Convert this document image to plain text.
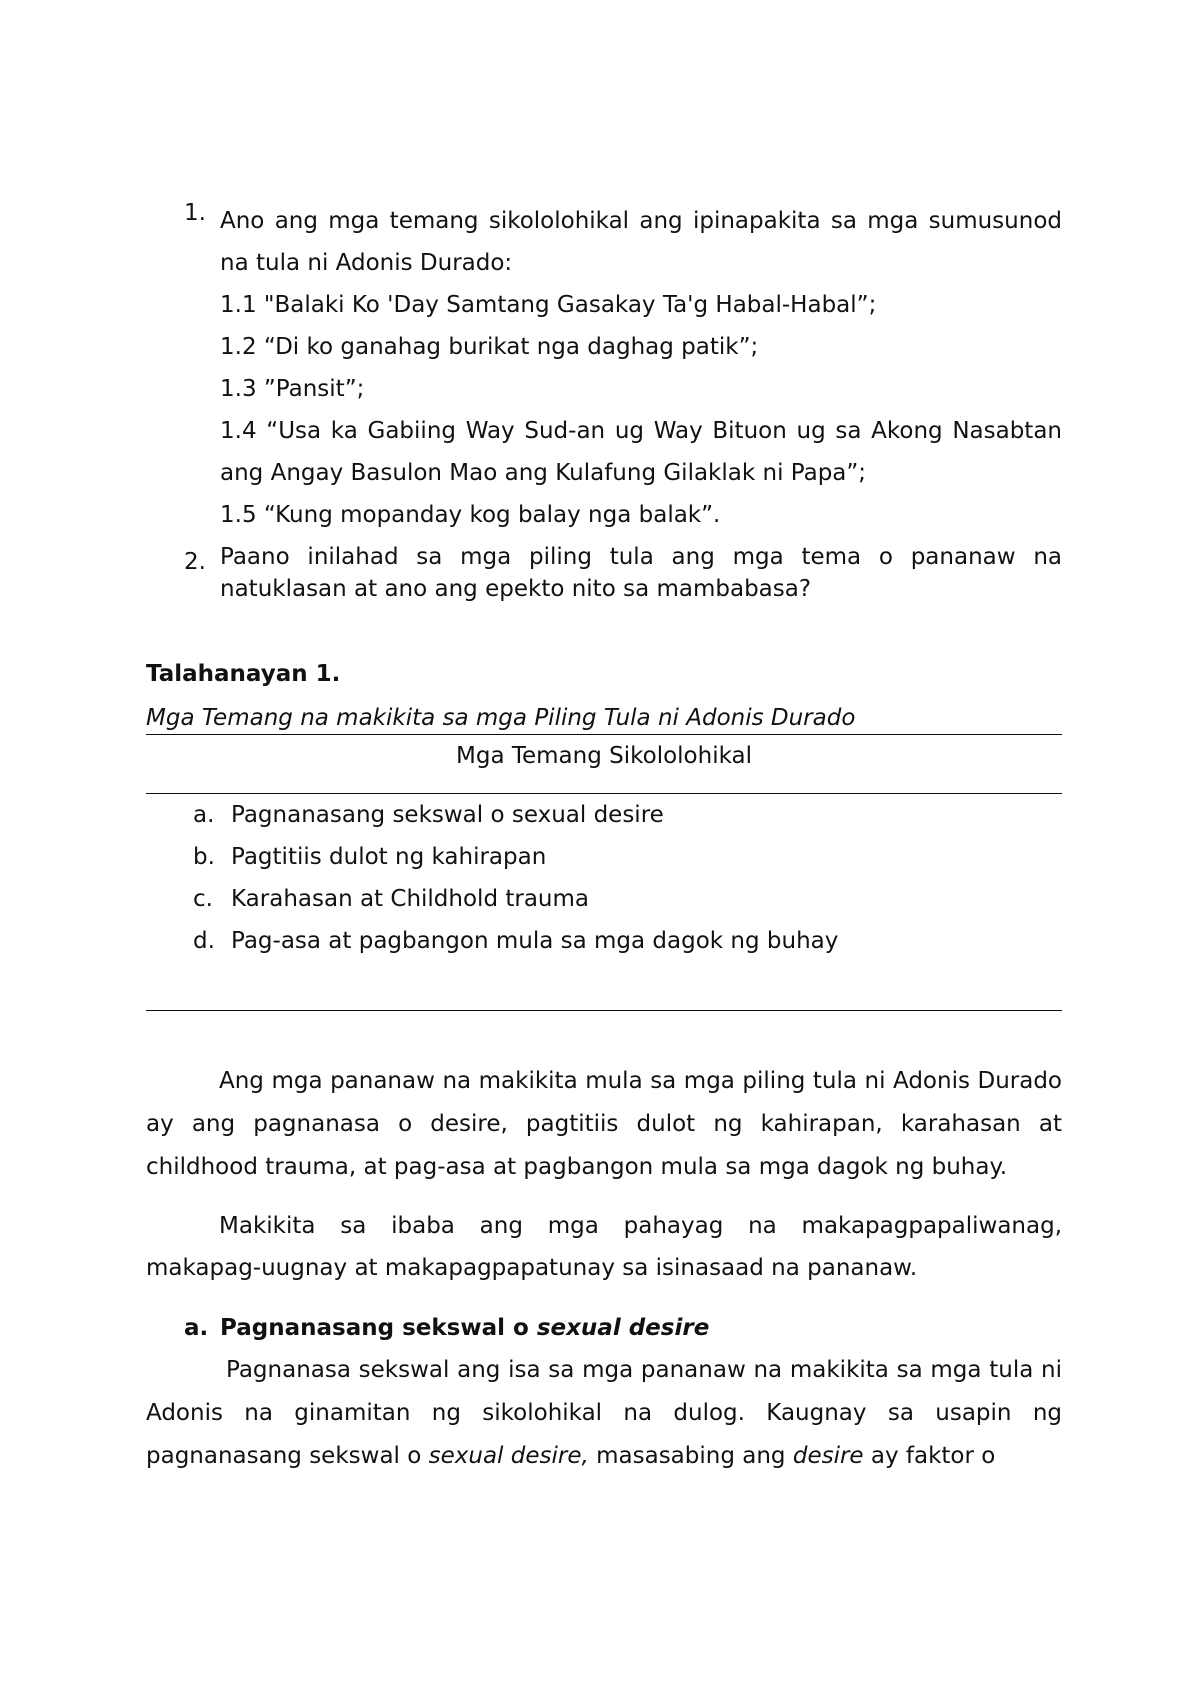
1. Ano ang mga temang sikololohikal ang ipinapakita sa mga sumusunod na tula ni Adonis Durado:
1.1 "Balaki Ko 'Day Samtang Gasakay Ta'g Habal-Habal”;
1.2 “Di ko ganahag burikat nga daghag patik”;
1.3 ”Pansit”;
1.4 “Usa ka Gabiing Way Sud-an ug Way Bituon ug sa Akong Nasabtan ang Angay Basulon Mao ang Kulafung Gilaklak ni Papa”;
1.5 “Kung mopanday kog balay nga balak”.
2. Paano inilahad sa mga piling tula ang mga tema o pananaw na natuklasan at ano ang epekto nito sa mambabasa?
Talahanayan 1.
Mga Temang na makikita sa mga Piling Tula ni Adonis Durado
Mga Temang Sikololohikal
a. Pagnanasang sekswal o sexual desire
b. Pagtitiis dulot ng kahirapan
c. Karahasan at Childhold trauma
d. Pag-asa at pagbangon mula sa mga dagok ng buhay
Ang mga pananaw na makikita mula sa mga piling tula ni Adonis Durado ay ang pagnanasa o desire, pagtitiis dulot ng kahirapan, karahasan at childhood trauma, at pag-asa at pagbangon mula sa mga dagok ng buhay.
Makikita sa ibaba ang mga pahayag na makapagpapaliwanag, makapag-uugnay at makapagpapatunay sa isinasaad na pananaw.
a. Pagnanasang sekswal o sexual desire
Pagnanasa sekswal ang isa sa mga pananaw na makikita sa mga tula ni Adonis na ginamitan ng sikolohikal na dulog. Kaugnay sa usapin ng pagnanasang sekswal o sexual desire, masasabing ang desire ay faktor o
